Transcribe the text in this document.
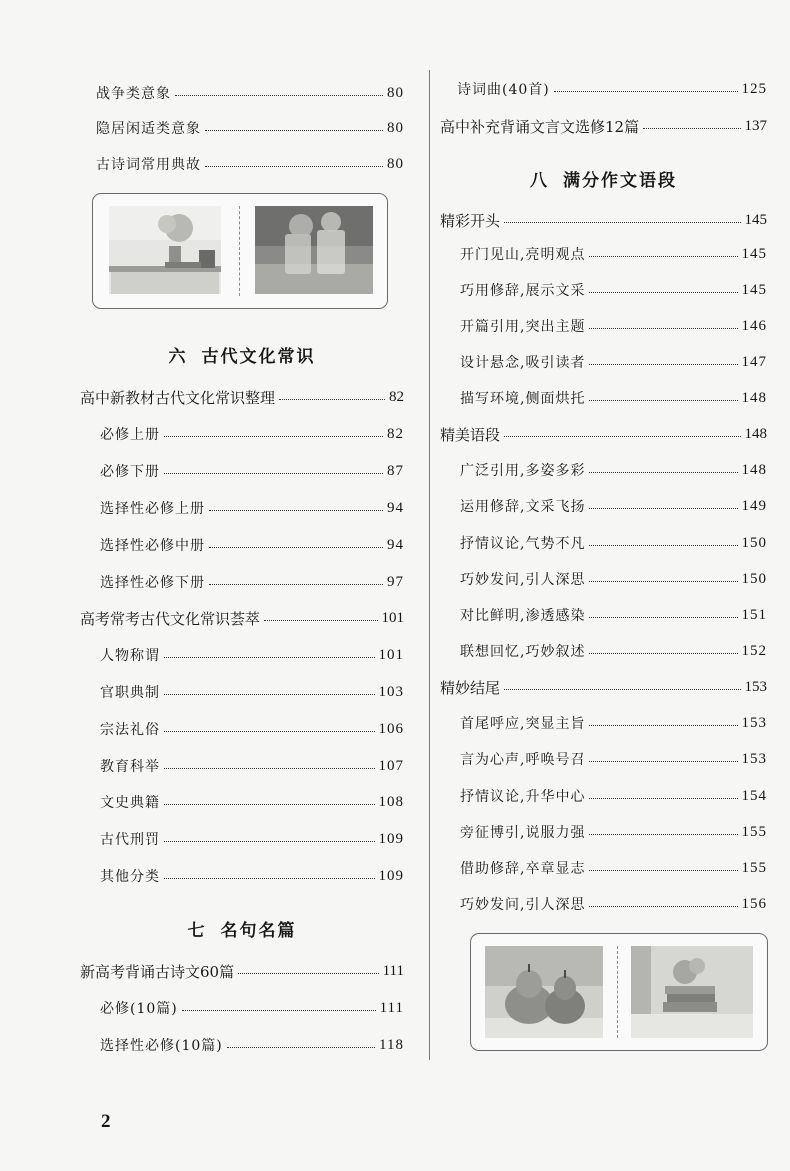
战争类意象	80
隐居闲适类意象	80
古诗词常用典故	80
六 古代文化常识
高中新教材古代文化常识整理	82
必修上册	82
必修下册	87
选择性必修上册	94
选择性必修中册	94
选择性必修下册	97
高考常考古代文化常识荟萃	101
人物称谓	101
官职典制	103
宗法礼俗	106
教育科举	107
文史典籍	108
古代刑罚	109
其他分类	109
七 名句名篇
新高考背诵古诗文60篇	111
必修(10篇)	111
选择性必修(10篇)	118
诗词曲(40首)	125
高中补充背诵文言文选修12篇	137
八 满分作文语段
精彩开头	145
开门见山,亮明观点	145
巧用修辞,展示文采	145
开篇引用,突出主题	146
设计悬念,吸引读者	147
描写环境,侧面烘托	148
精美语段	148
广泛引用,多姿多彩	148
运用修辞,文采飞扬	149
抒情议论,气势不凡	150
巧妙发问,引人深思	150
对比鲜明,渗透感染	151
联想回忆,巧妙叙述	152
精妙结尾	153
首尾呼应,突显主旨	153
言为心声,呼唤号召	153
抒情议论,升华中心	154
旁征博引,说服力强	155
借助修辞,卒章显志	155
巧妙发问,引人深思	156
2
